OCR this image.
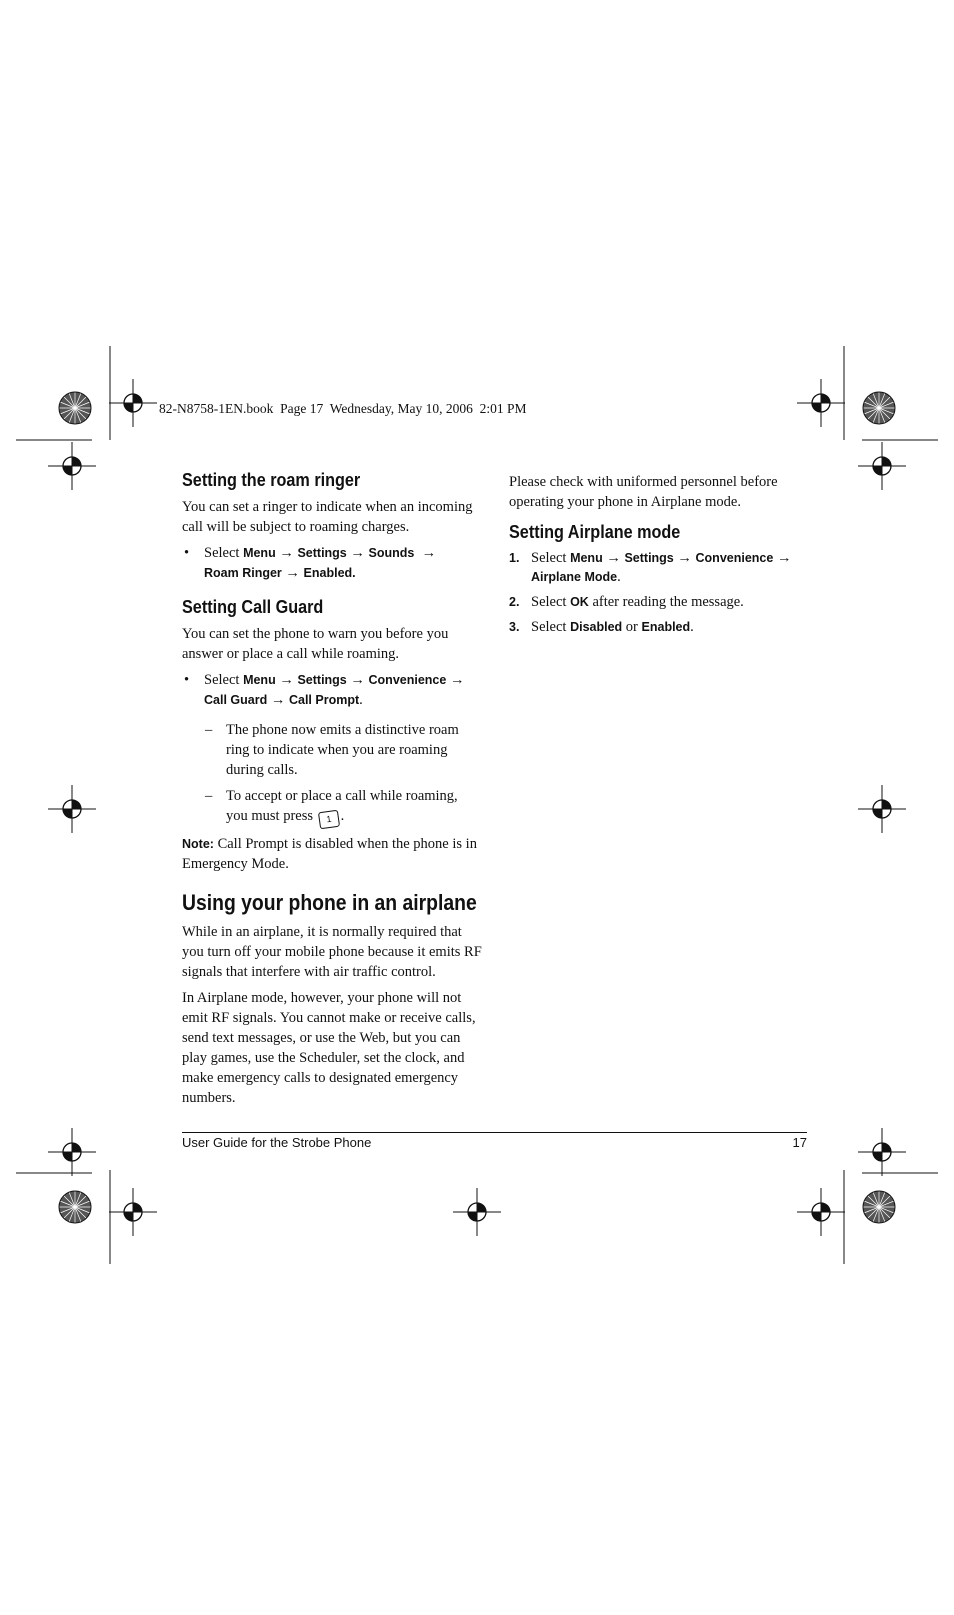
82-N8758-1EN.book  Page 17  Wednesday, May 10, 2006  2:01 PM
Setting the roam ringer

You can set a ringer to indicate when an incoming call will be subject to roaming charges.

• Select Menu → Settings → Sounds →
Roam Ringer → Enabled.
Setting Call Guard

You can set the phone to warn you before you answer or place a call while roaming.

• Select Menu → Settings → Convenience →
Call Guard → Call Prompt.
– The phone now emits a distinctive roam ring to indicate when you are roaming during calls.
– To accept or place a call while roaming, you must press 1 .

Note: Call Prompt is disabled when the phone is in Emergency Mode.

Using your phone in an airplane

While in an airplane, it is normally required that you turn off your mobile phone because it emits RF signals that interfere with air traffic control.

In Airplane mode, however, your phone will not emit RF signals. You cannot make or receive calls, send text messages, or use the Web, but you can play games, use the Scheduler, set the clock, and make emergency calls to designated emergency numbers.

Please check with uniformed personnel before operating your phone in Airplane mode.

Setting Airplane mode
1. Select Menu → Settings → Convenience →
Airplane Mode.
2. Select OK after reading the message.
3. Select Disabled or Enabled.
User Guide for the Strobe Phone	17
